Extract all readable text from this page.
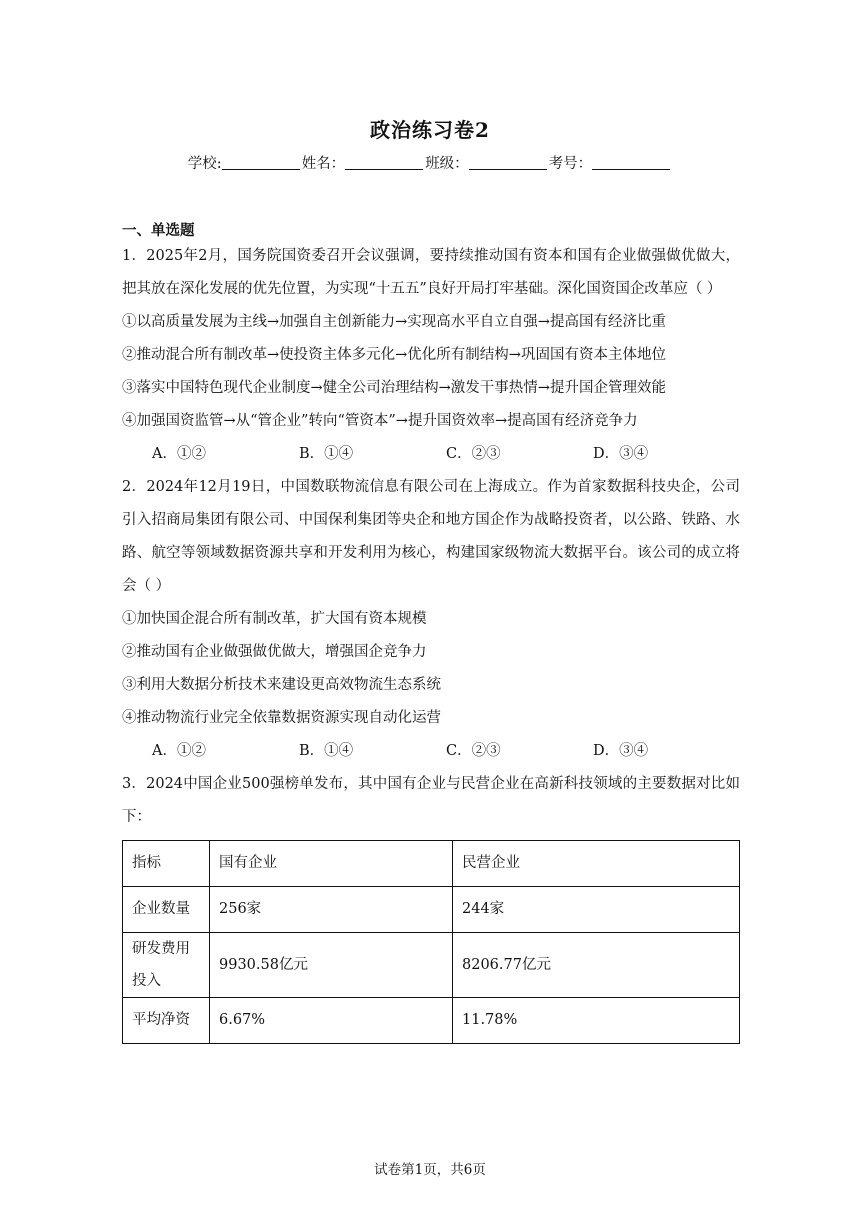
政治练习卷2
学校:	姓名：	班级：	考号：
一、单选题

1．2025年2月，国务院国资委召开会议强调，要持续推动国有资本和国有企业做强做优做大，把其放在深化发展的优先位置，为实现“十五五”良好开局打牢基础。深化国资国企改革应（ ）

①以高质量发展为主线→加强自主创新能力→实现高水平自立自强→提高国有经济比重

②推动混合所有制改革→使投资主体多元化→优化所有制结构→巩固国有资本主体地位

③落实中国特色现代企业制度→健全公司治理结构→激发干事热情→提升国企管理效能

④加强国资监管→从“管企业”转向“管资本”→提升国资效率→提高国有经济竞争力

A．①②	B．①④	C．②③	D．③④

2．2024年12月19日，中国数联物流信息有限公司在上海成立。作为首家数据科技央企，公司引入招商局集团有限公司、中国保利集团等央企和地方国企作为战略投资者，以公路、铁路、水路、航空等领域数据资源共享和开发利用为核心，构建国家级物流大数据平台。该公司的成立将会（ ）

①加快国企混合所有制改革，扩大国有资本规模

②推动国有企业做强做优做大，增强国企竞争力

③利用大数据分析技术来建设更高效物流生态系统

④推动物流行业完全依靠数据资源实现自动化运营

A．①②	B．①④	C．②③	D．③④

3．2024中国企业500强榜单发布，其中国有企业与民营企业在高新科技领域的主要数据对比如下：

指标	国有企业	民营企业
企业数量	256家	244家
研发费用投入	9930.58亿元	8206.77亿元
平均净资	6.67%	11.78%
试卷第1页，共6页
